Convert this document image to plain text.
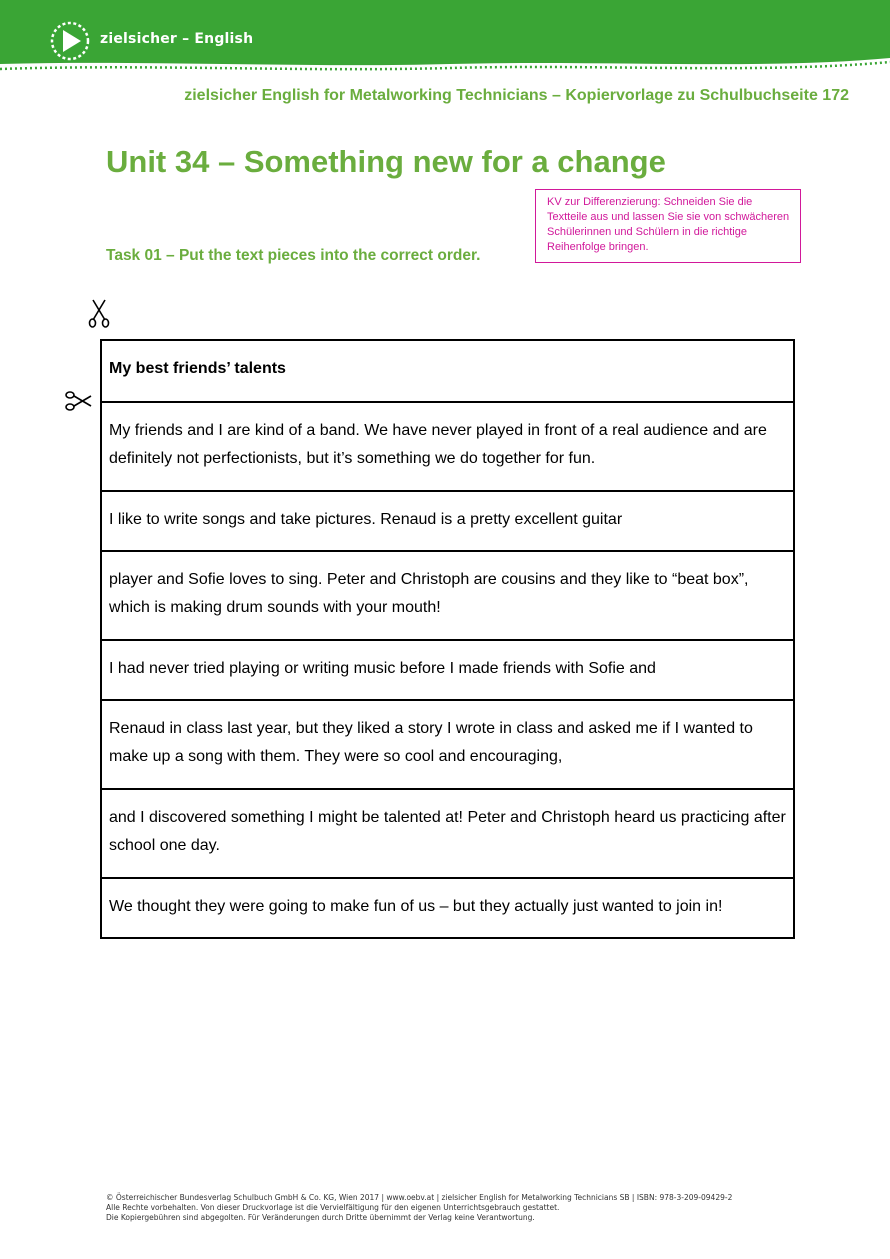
zielsicher – English
zielsicher English for Metalworking Technicians – Kopiervorlage zu Schulbuchseite 172
Unit 34 – Something new for a change
KV zur Differenzierung: Schneiden Sie die Textteile aus und lassen Sie sie von schwächeren Schülerinnen und Schülern in die richtige Reihenfolge bringen.
Task 01 – Put the text pieces into the correct order.
My best friends’ talents
My friends and I are kind of a band. We have never played in front of a real audience and are definitely not perfectionists, but it’s something we do together for fun.
I like to write songs and take pictures. Renaud is a pretty excellent guitar
player and Sofie loves to sing. Peter and Christoph are cousins and they like to “beat box”, which is making drum sounds with your mouth!
I had never tried playing or writing music before I made friends with Sofie and
Renaud in class last year, but they liked a story I wrote in class and asked me if I wanted to make up a song with them. They were so cool and encouraging,
and I discovered something I might be talented at! Peter and Christoph heard us practicing after school one day.
We thought they were going to make fun of us – but they actually just wanted to join in!
© Österreichischer Bundesverlag Schulbuch GmbH & Co. KG, Wien 2017 | www.oebv.at | zielsicher English for Metalworking Technicians SB | ISBN: 978-3-209-09429-2
Alle Rechte vorbehalten. Von dieser Druckvorlage ist die Vervielfältigung für den eigenen Unterrichtsgebrauch gestattet.
Die Kopiergebühren sind abgegolten. Für Veränderungen durch Dritte übernimmt der Verlag keine Verantwortung.
